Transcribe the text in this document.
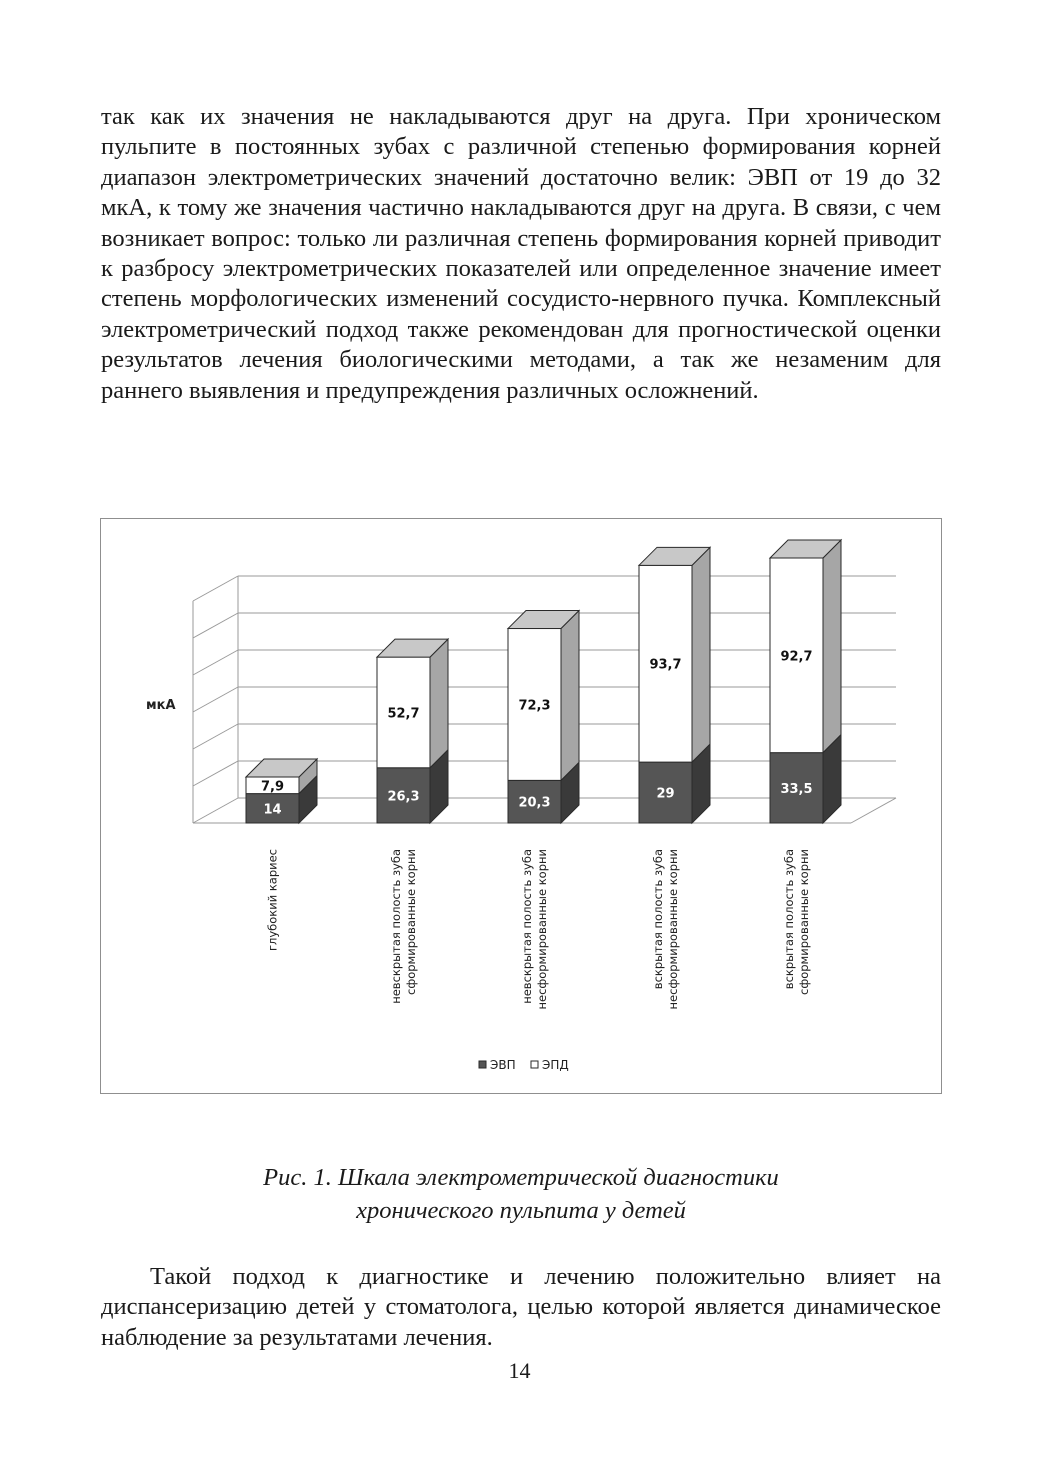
так как их значения не накладываются друг на друга. При хроническом пульпите в постоянных зубах с различной степенью формирования корней диапазон электрометрических значений достаточно велик: ЭВП от 19 до 32 мкА, к тому же значения частично накладываются друг на друга. В связи, с чем возникает вопрос: только ли различная степень формирования корней приводит к разбросу электрометрических показателей или определенное значение имеет степень морфологических изменений сосудисто-нервного пучка. Комплексный электрометрический подход также рекомендован для прогностической оценки результатов лечения биологическими методами, а так же незаменим для раннего выявления и предупреждения различных осложнений.

мкА
14
7,9
глубокий кариес
26,3
52,7
невскрытая полость зуба сформированные корни
20,3
72,3
невскрытая полость зуба несформированные корни
29
93,7
вскрытая полость зуба несформированные корни
33,5
92,7
вскрытая полость зуба сформированные корни
ЭВП ЭПД

Рис. 1. Шкала электрометрической диагностики

хронического пульпита у детей

Такой подход к диагностике и лечению положительно влияет на диспансеризацию детей у стоматолога, целью которой является динамическое наблюдение за результатами лечения.

14
